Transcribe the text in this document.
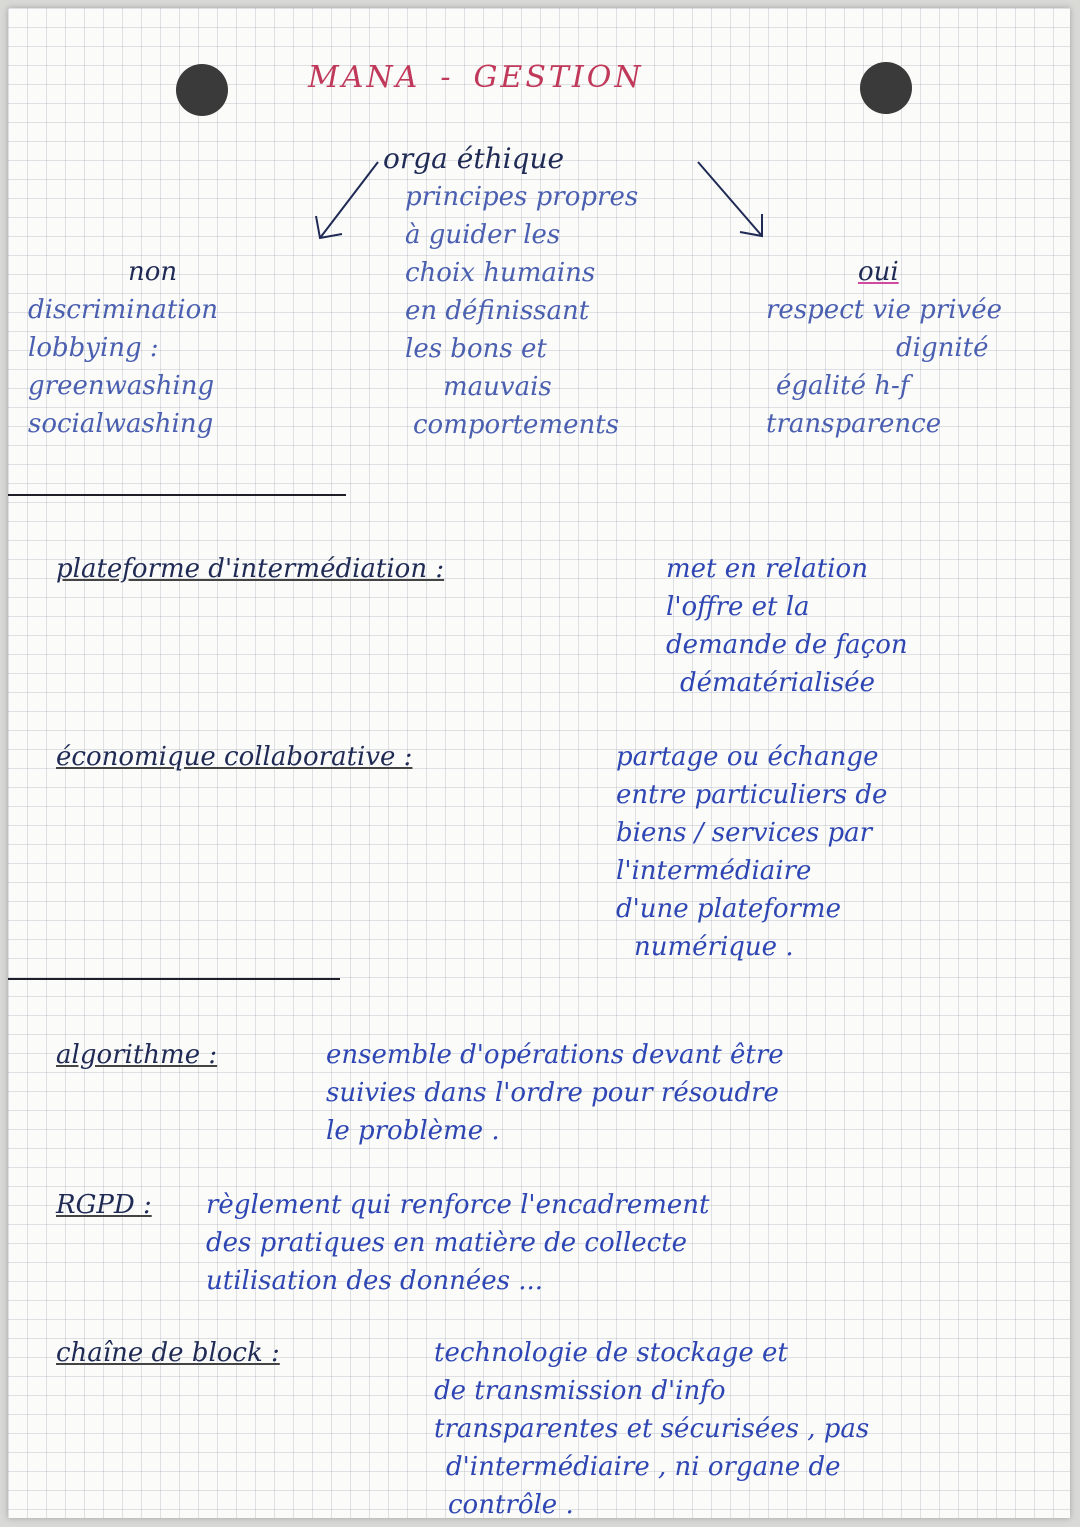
MANA - GESTION
orga éthique
principes propres
à guider les
choix humains
en définissant
les bons et
mauvais
comportements
non
discrimination
lobbying :
greenwashing
socialwashing
oui
respect vie privée
dignité
égalité h-f
transparence
plateforme d'intermédiation :	met en relation
l'offre et la
demande de façon
dématérialisée
économique collaborative :	partage ou échange
entre particuliers de
biens / services par
l'intermédiaire
d'une plateforme
numérique .
algorithme :	ensemble d'opérations devant être
suivies dans l'ordre pour résoudre
le problème .
RGPD : règlement qui renforce l'encadrement
des pratiques en matière de collecte
utilisation des données ...
chaîne de block :	technologie de stockage et
de transmission d'info
transparentes et sécurisées , pas
d'intermédiaire , ni organe de
contrôle .
